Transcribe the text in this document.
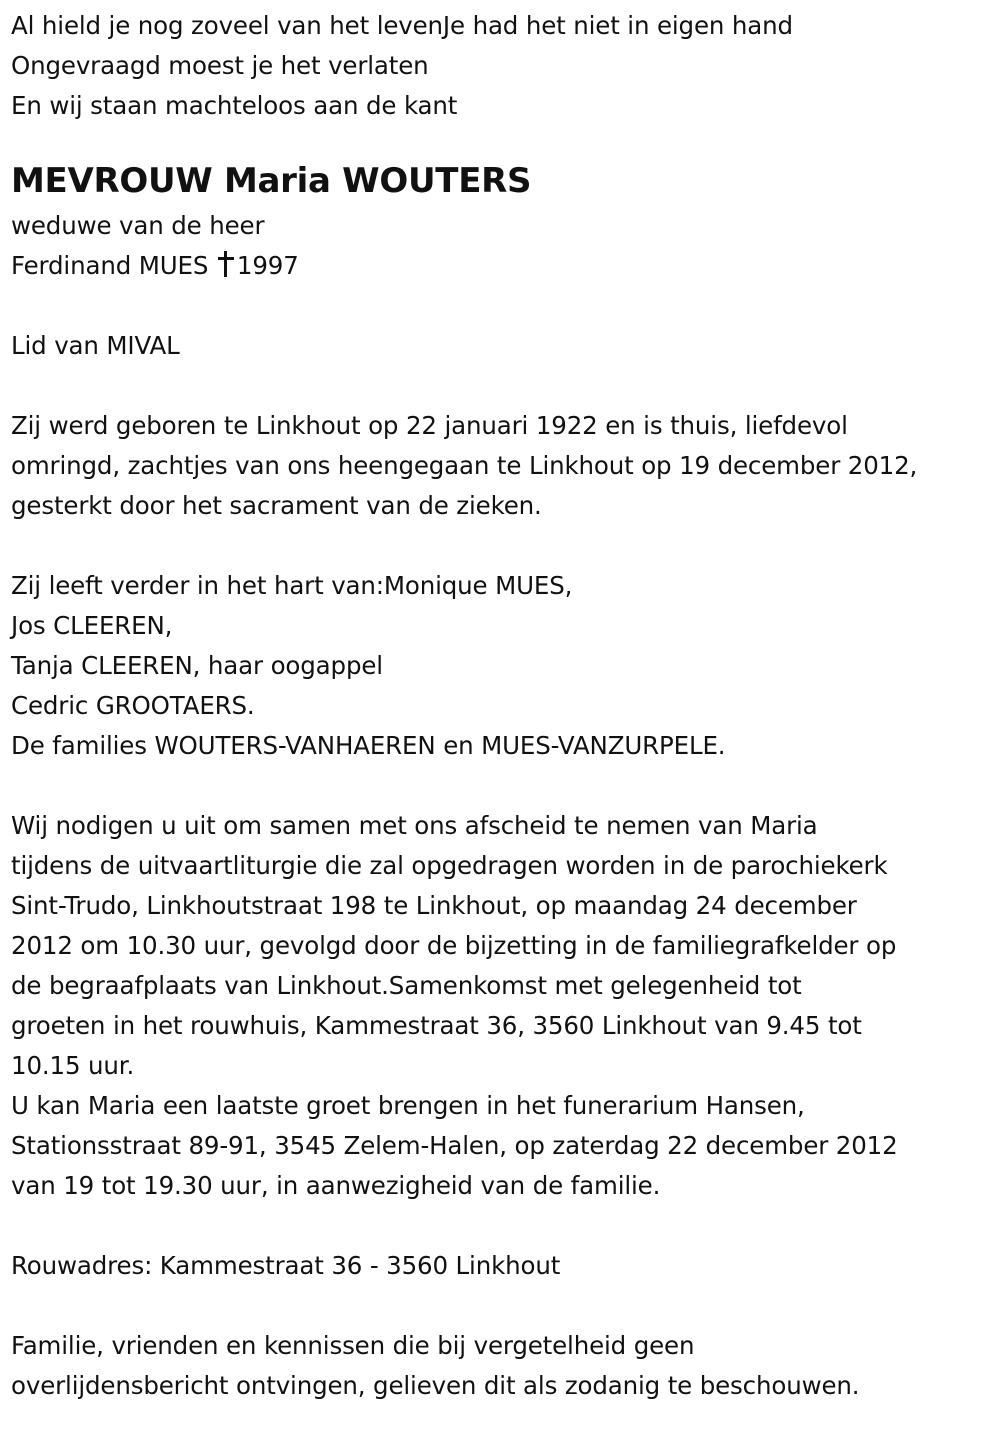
Al hield je nog zoveel van het levenJe had het niet in eigen hand
Ongevraagd moest je het verlaten
En wij staan machteloos aan de kant
MEVROUW Maria WOUTERS
weduwe van de heer
Ferdinand MUES 1997
Lid van MIVAL
Zij werd geboren te Linkhout op 22 januari 1922 en is thuis, liefdevol
omringd, zachtjes van ons heengegaan te Linkhout op 19 december 2012,
gesterkt door het sacrament van de zieken.
Zij leeft verder in het hart van:Monique MUES,
Jos CLEEREN,
Tanja CLEEREN, haar oogappel
Cedric GROOTAERS.
De families WOUTERS-VANHAEREN en MUES-VANZURPELE.
Wij nodigen u uit om samen met ons afscheid te nemen van Maria
tijdens de uitvaartliturgie die zal opgedragen worden in de parochiekerk
Sint-Trudo, Linkhoutstraat 198 te Linkhout, op maandag 24 december
2012 om 10.30 uur, gevolgd door de bijzetting in de familiegrafkelder op
de begraafplaats van Linkhout.Samenkomst met gelegenheid tot
groeten in het rouwhuis, Kammestraat 36, 3560 Linkhout van 9.45 tot
10.15 uur.
U kan Maria een laatste groet brengen in het funerarium Hansen,
Stationsstraat 89-91, 3545 Zelem-Halen, op zaterdag 22 december 2012
van 19 tot 19.30 uur, in aanwezigheid van de familie.
Rouwadres: Kammestraat 36 - 3560 Linkhout
Familie, vrienden en kennissen die bij vergetelheid geen
overlijdensbericht ontvingen, gelieven dit als zodanig te beschouwen.
